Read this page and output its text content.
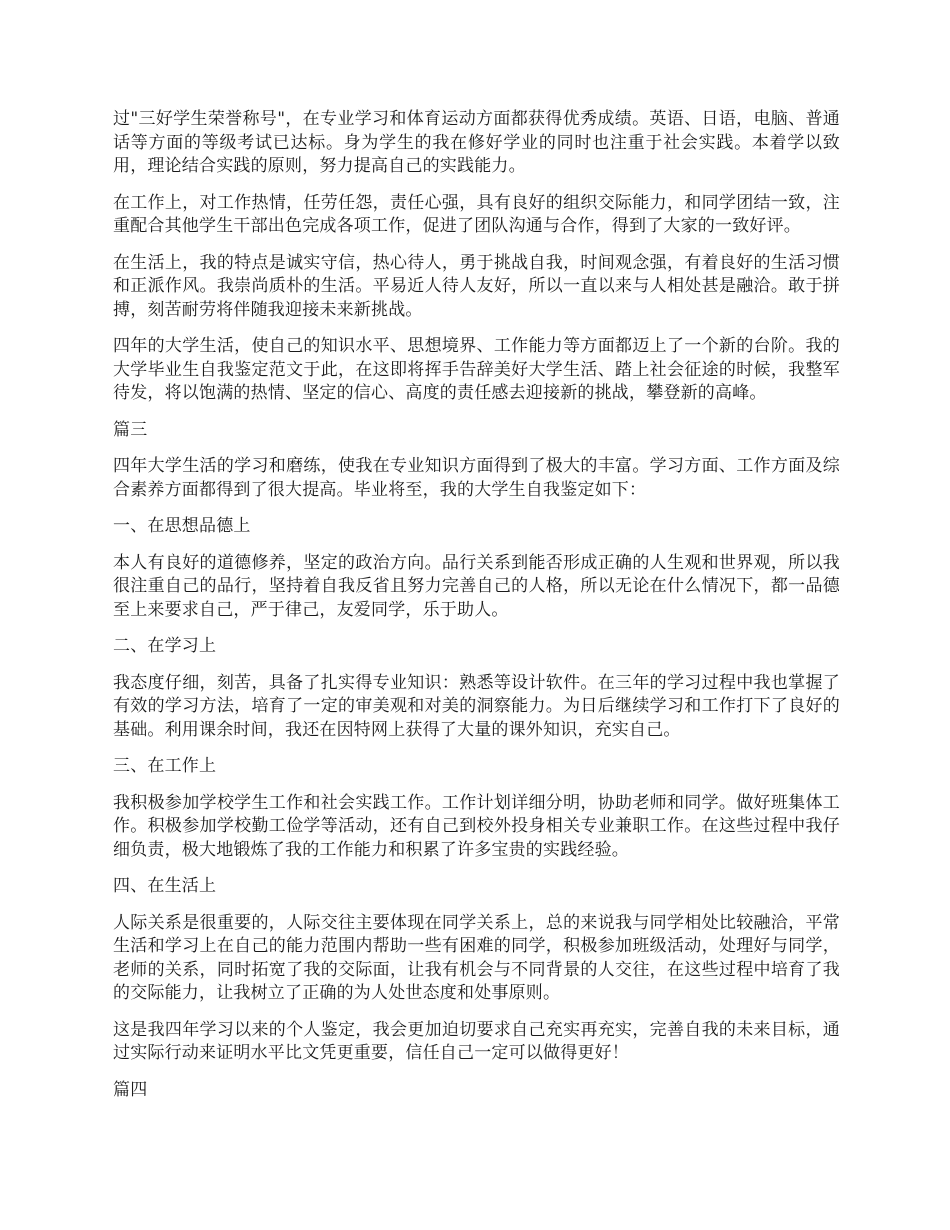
过"三好学生荣誉称号"，在专业学习和体育运动方面都获得优秀成绩。英语、日语，电脑、普通话等方面的等级考试已达标。身为学生的我在修好学业的同时也注重于社会实践。本着学以致用，理论结合实践的原则，努力提高自己的实践能力。

在工作上，对工作热情，任劳任怨，责任心强，具有良好的组织交际能力，和同学团结一致，注重配合其他学生干部出色完成各项工作，促进了团队沟通与合作，得到了大家的一致好评。

在生活上，我的特点是诚实守信，热心待人，勇于挑战自我，时间观念强，有着良好的生活习惯和正派作风。我崇尚质朴的生活。平易近人待人友好，所以一直以来与人相处甚是融洽。敢于拼搏，刻苦耐劳将伴随我迎接未来新挑战。

四年的大学生活，使自己的知识水平、思想境界、工作能力等方面都迈上了一个新的台阶。我的大学毕业生自我鉴定范文于此，在这即将挥手告辞美好大学生活、踏上社会征途的时候，我整军待发，将以饱满的热情、坚定的信心、高度的责任感去迎接新的挑战，攀登新的高峰。

篇三

四年大学生活的学习和磨练，使我在专业知识方面得到了极大的丰富。学习方面、工作方面及综合素养方面都得到了很大提高。毕业将至，我的大学生自我鉴定如下：

一、在思想品德上

本人有良好的道德修养，坚定的政治方向。品行关系到能否形成正确的人生观和世界观，所以我很注重自己的品行，坚持着自我反省且努力完善自己的人格，所以无论在什么情况下，都一品德至上来要求自己，严于律己，友爱同学，乐于助人。

二、在学习上

我态度仔细，刻苦，具备了扎实得专业知识：熟悉等设计软件。在三年的学习过程中我也掌握了有效的学习方法，培育了一定的审美观和对美的洞察能力。为日后继续学习和工作打下了良好的基础。利用课余时间，我还在因特网上获得了大量的课外知识，充实自己。

三、在工作上

我积极参加学校学生工作和社会实践工作。工作计划详细分明，协助老师和同学。做好班集体工作。积极参加学校勤工俭学等活动，还有自己到校外投身相关专业兼职工作。在这些过程中我仔细负责，极大地锻炼了我的工作能力和积累了许多宝贵的实践经验。

四、在生活上

人际关系是很重要的，人际交往主要体现在同学关系上，总的来说我与同学相处比较融洽，平常生活和学习上在自己的能力范围内帮助一些有困难的同学，积极参加班级活动，处理好与同学，老师的关系，同时拓宽了我的交际面，让我有机会与不同背景的人交往，在这些过程中培育了我的交际能力，让我树立了正确的为人处世态度和处事原则。

这是我四年学习以来的个人鉴定，我会更加迫切要求自己充实再充实，完善自我的未来目标，通过实际行动来证明水平比文凭更重要，信任自己一定可以做得更好！

篇四
